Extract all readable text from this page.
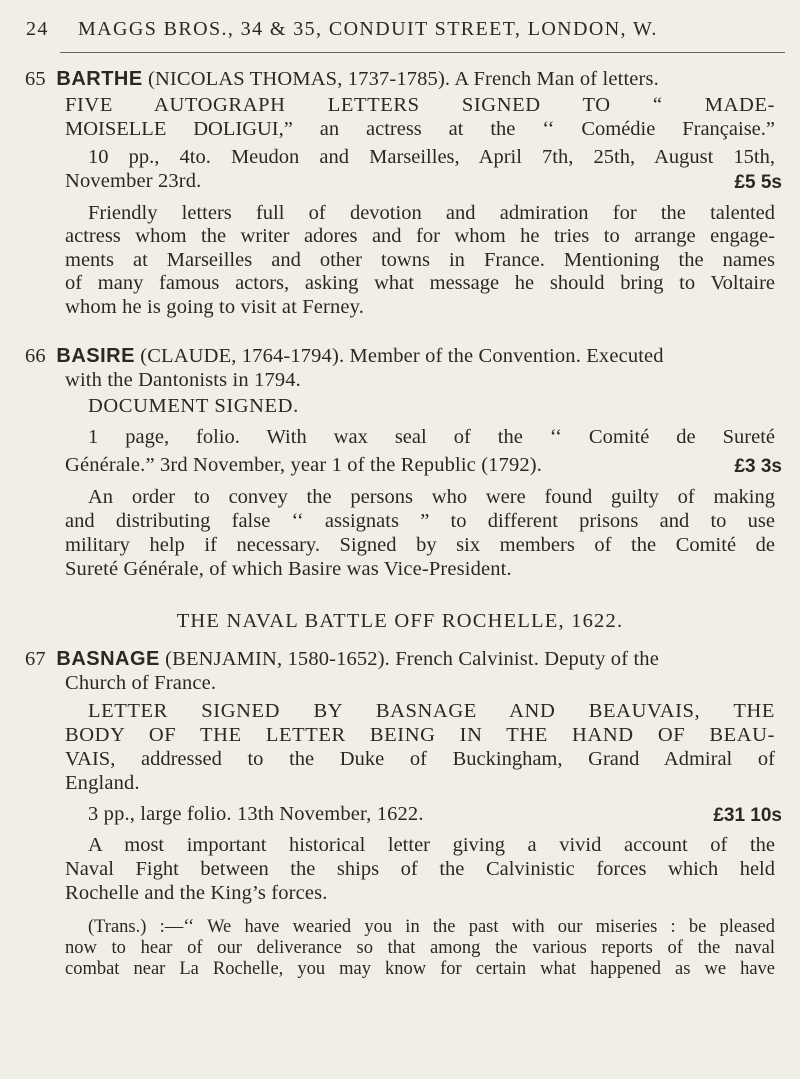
24 MAGGS BROS., 34 & 35, CONDUIT STREET, LONDON, W.
65 BARTHE (NICOLAS THOMAS, 1737-1785). A French Man of letters.
FIVE AUTOGRAPH LETTERS SIGNED TO “ MADE-
MOISELLE DOLIGUI,” an actress at the ‘‘ Comédie Française.”
10 pp., 4to. Meudon and Marseilles, April 7th, 25th, August 15th,
November 23rd.	£5 5s
Friendly letters full of devotion and admiration for the talented
actress whom the writer adores and for whom he tries to arrange engage-
ments at Marseilles and other towns in France. Mentioning the names
of many famous actors, asking what message he should bring to Voltaire
whom he is going to visit at Ferney.
66 BASIRE (CLAUDE, 1764-1794). Member of the Convention. Executed
with the Dantonists in 1794.
DOCUMENT SIGNED.
1 page, folio. With wax seal of the ‘‘ Comité de Sureté
Générale.” 3rd November, year 1 of the Republic (1792).	£3 3s
An order to convey the persons who were found guilty of making
and distributing false ‘‘ assignats ” to different prisons and to use
military help if necessary. Signed by six members of the Comité de
Sureté Générale, of which Basire was Vice-President.
THE NAVAL BATTLE OFF ROCHELLE, 1622.
67 BASNAGE (BENJAMIN, 1580-1652). French Calvinist. Deputy of the
Church of France.
LETTER SIGNED BY BASNAGE AND BEAUVAIS, THE
BODY OF THE LETTER BEING IN THE HAND OF BEAU-
VAIS, addressed to the Duke of Buckingham, Grand Admiral of
England.
3 pp., large folio. 13th November, 1622.	£31 10s
A most important historical letter giving a vivid account of the
Naval Fight between the ships of the Calvinistic forces which held
Rochelle and the King’s forces.
(Trans.) :—‘‘ We have wearied you in the past with our miseries : be pleased
now to hear of our deliverance so that among the various reports of the naval
combat near La Rochelle, you may know for certain what happened as we have
